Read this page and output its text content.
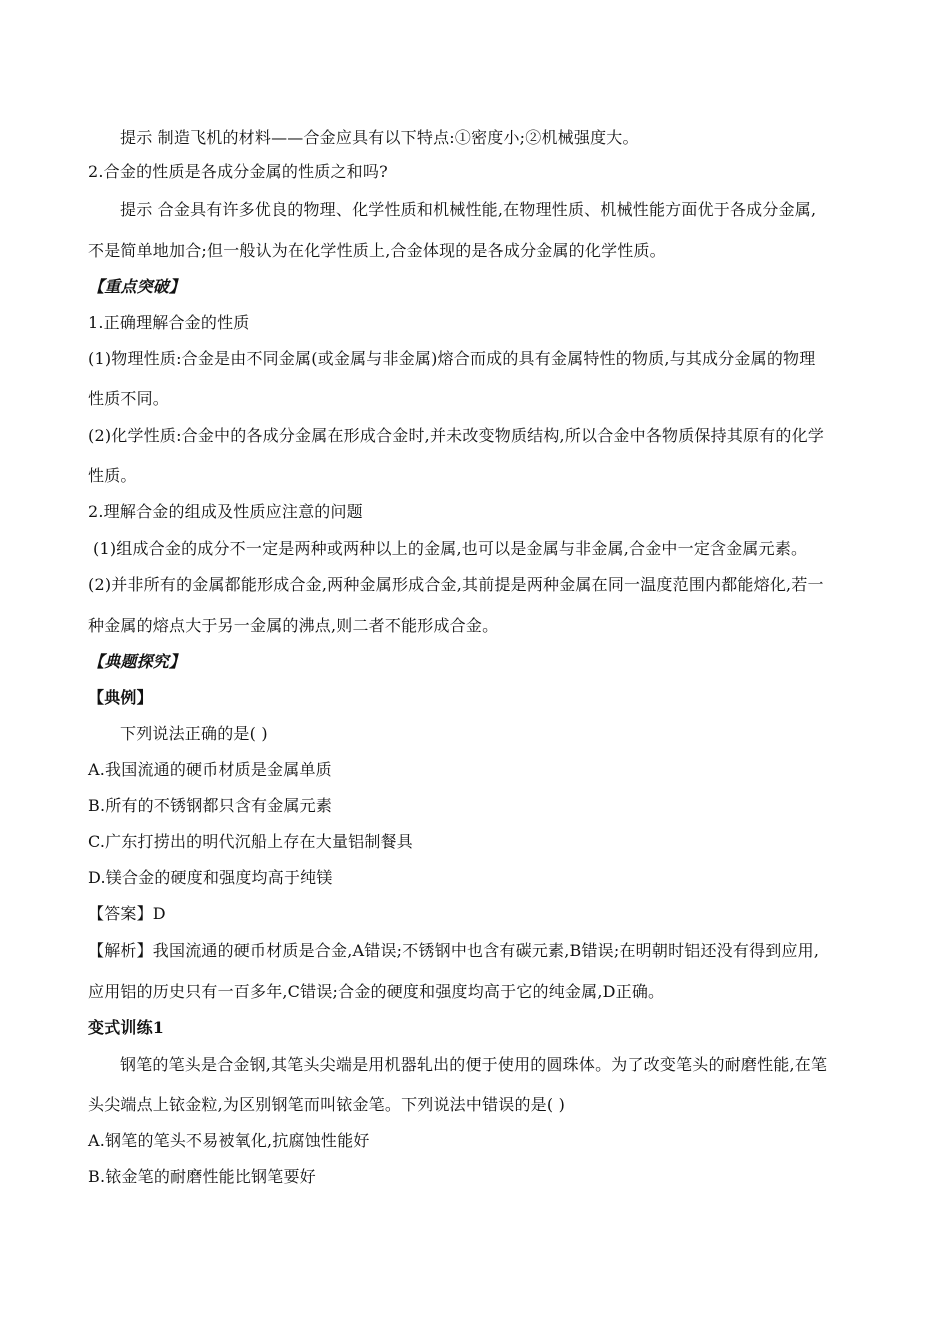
提示 制造飞机的材料——合金应具有以下特点:①密度小;②机械强度大。
2.合金的性质是各成分金属的性质之和吗?
提示 合金具有许多优良的物理、化学性质和机械性能,在物理性质、机械性能方面优于各成分金属,
不是简单地加合;但一般认为在化学性质上,合金体现的是各成分金属的化学性质。
【重点突破】
1.正确理解合金的性质
(1)物理性质:合金是由不同金属(或金属与非金属)熔合而成的具有金属特性的物质,与其成分金属的物理
性质不同。
(2)化学性质:合金中的各成分金属在形成合金时,并未改变物质结构,所以合金中各物质保持其原有的化学
性质。
2.理解合金的组成及性质应注意的问题
(1)组成合金的成分不一定是两种或两种以上的金属,也可以是金属与非金属,合金中一定含金属元素。
(2)并非所有的金属都能形成合金,两种金属形成合金,其前提是两种金属在同一温度范围内都能熔化,若一
种金属的熔点大于另一金属的沸点,则二者不能形成合金。
【典题探究】
【典例】
下列说法正确的是( )
A.我国流通的硬币材质是金属单质
B.所有的不锈钢都只含有金属元素
C.广东打捞出的明代沉船上存在大量铝制餐具
D.镁合金的硬度和强度均高于纯镁
【答案】D
【解析】我国流通的硬币材质是合金,A错误;不锈钢中也含有碳元素,B错误;在明朝时铝还没有得到应用,
应用铝的历史只有一百多年,C错误;合金的硬度和强度均高于它的纯金属,D正确。
变式训练1
钢笔的笔头是合金钢,其笔头尖端是用机器轧出的便于使用的圆珠体。为了改变笔头的耐磨性能,在笔
头尖端点上铱金粒,为区别钢笔而叫铱金笔。下列说法中错误的是( )
A.钢笔的笔头不易被氧化,抗腐蚀性能好
B.铱金笔的耐磨性能比钢笔要好
